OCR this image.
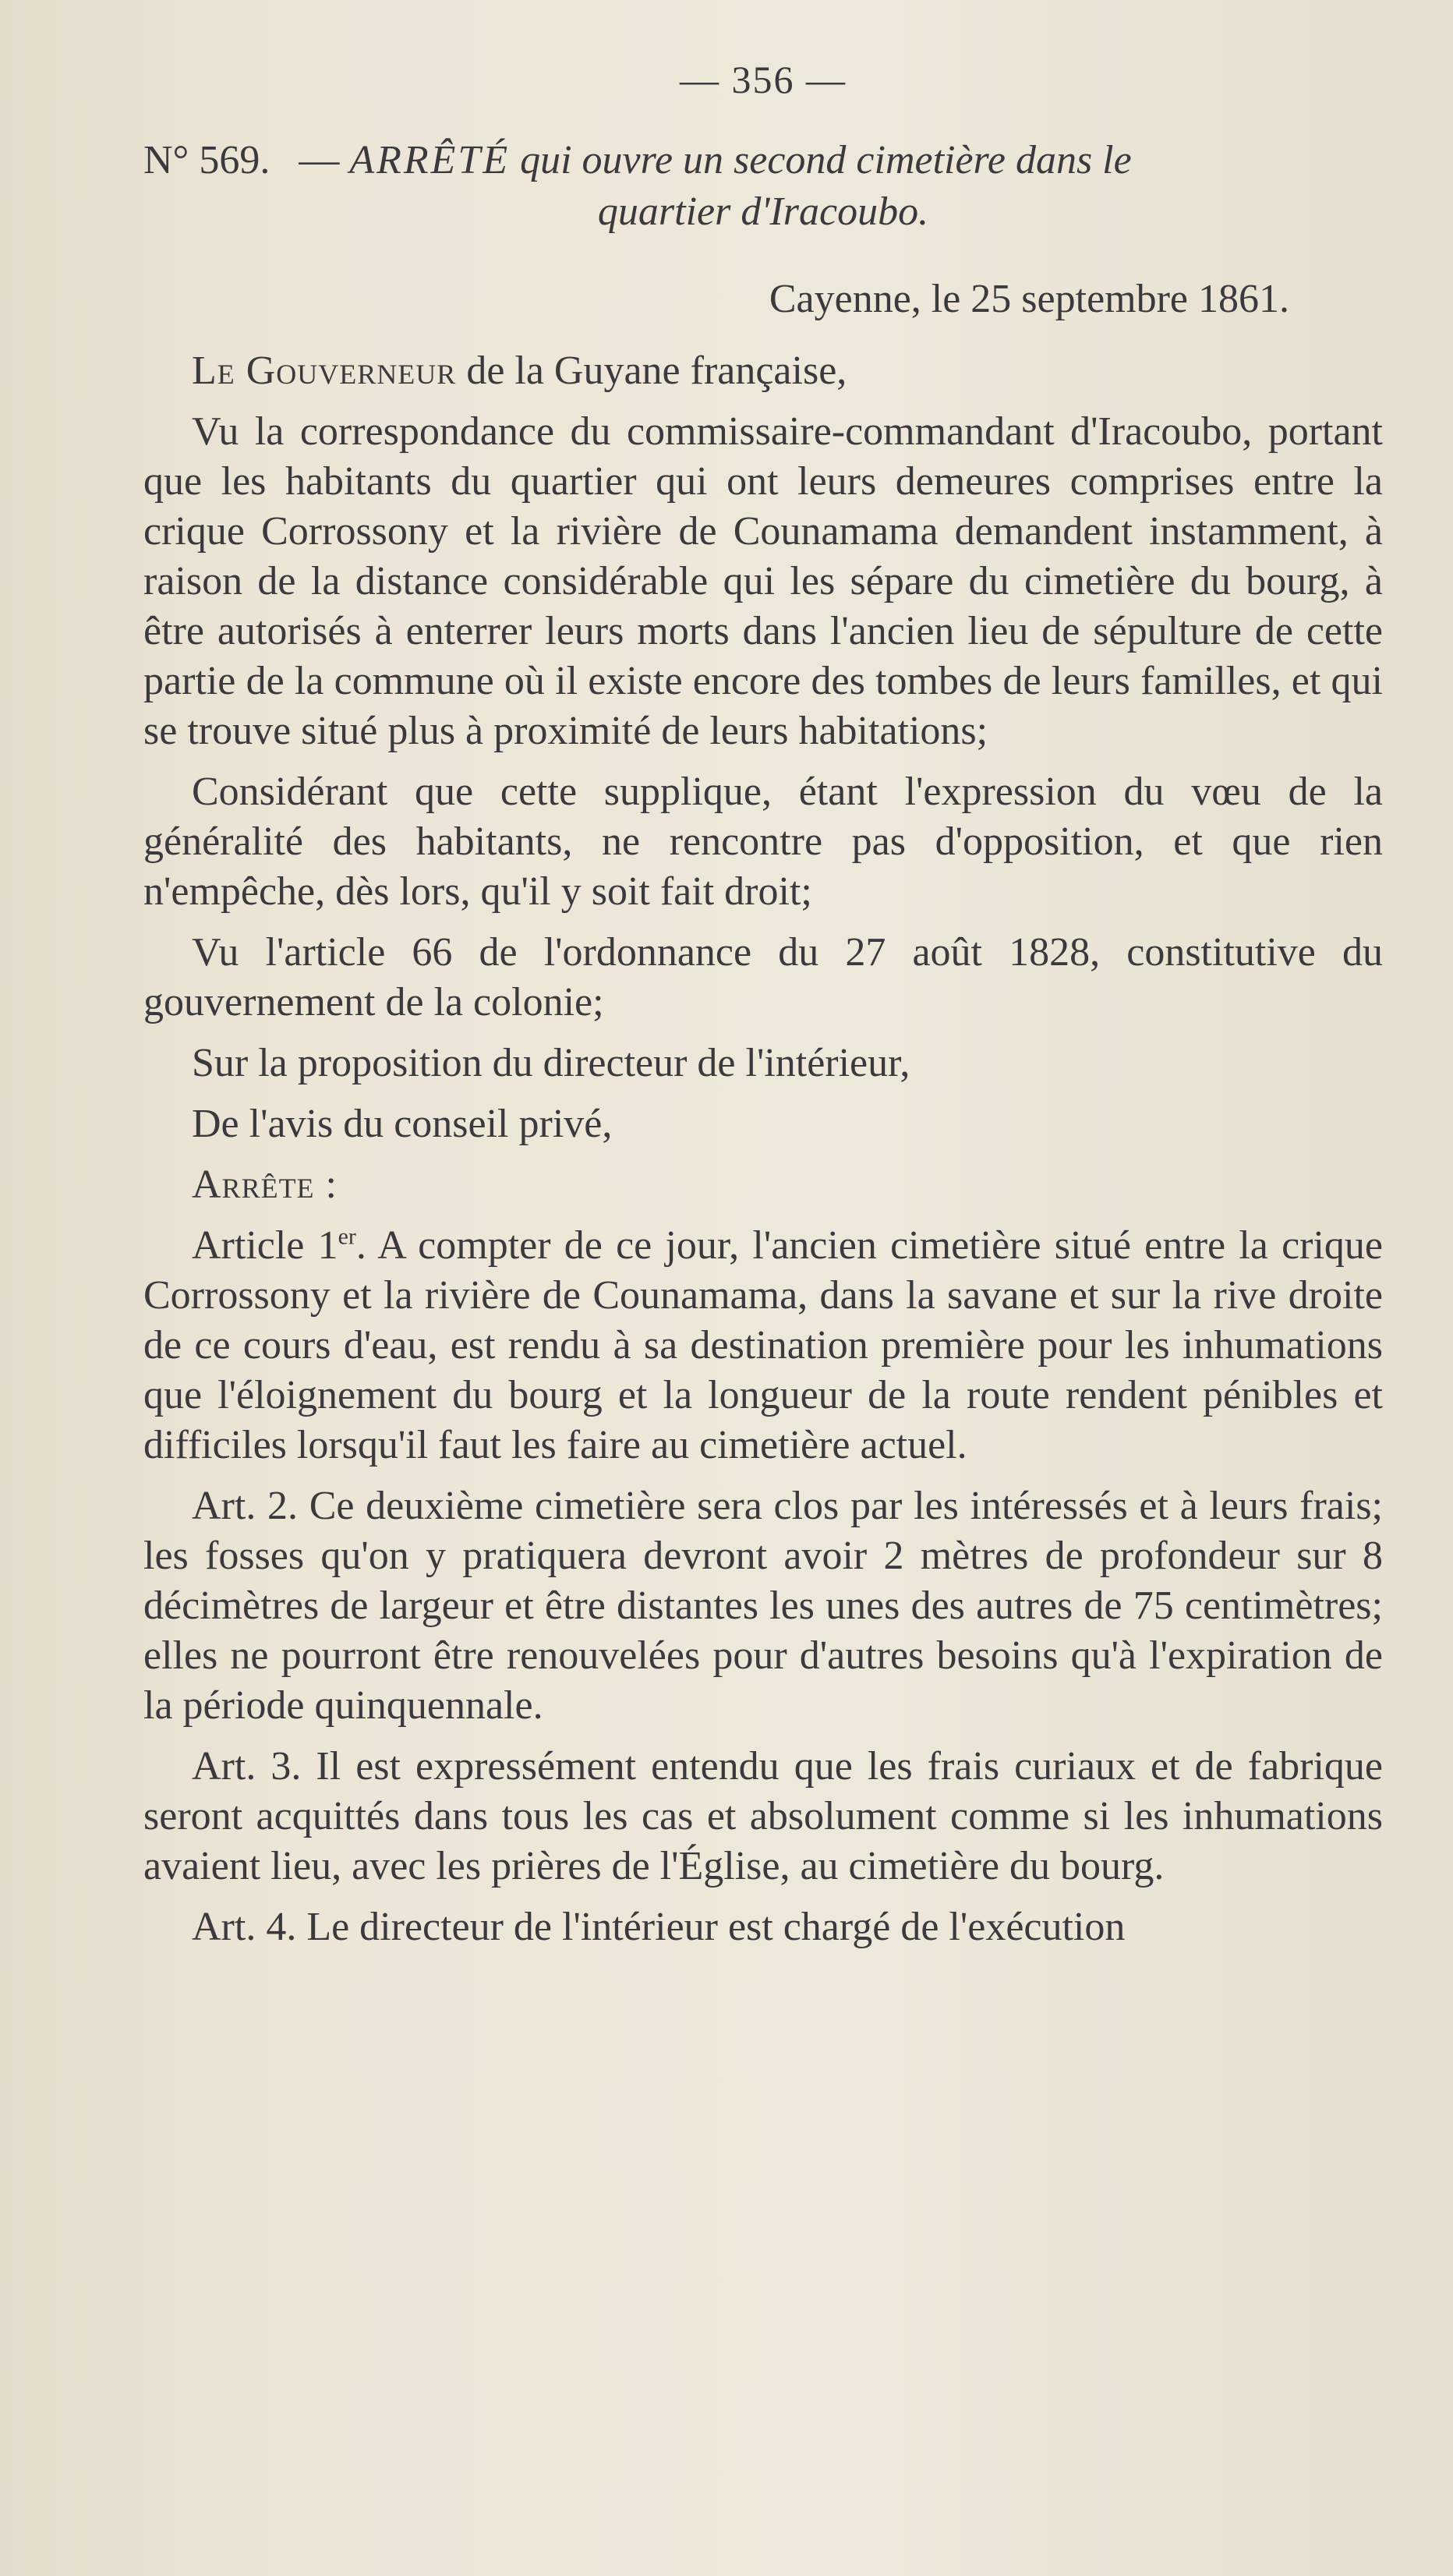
— 356 —
N° 569. — ARRÊTÉ qui ouvre un second cimetière dans le
quartier d'Iracoubo.
Cayenne, le 25 septembre 1861.

Le Gouverneur de la Guyane française,

Vu la correspondance du commissaire-commandant d'Iracoubo, portant que les habitants du quartier qui ont leurs demeures comprises entre la crique Corrossony et la rivière de Counamama demandent instamment, à raison de la distance considérable qui les sépare du cimetière du bourg, à être autorisés à enterrer leurs morts dans l'ancien lieu de sépulture de cette partie de la commune où il existe encore des tombes de leurs familles, et qui se trouve situé plus à proximité de leurs habitations;

Considérant que cette supplique, étant l'expression du vœu de la généralité des habitants, ne rencontre pas d'opposition, et que rien n'empêche, dès lors, qu'il y soit fait droit;

Vu l'article 66 de l'ordonnance du 27 août 1828, constitutive du gouvernement de la colonie;

Sur la proposition du directeur de l'intérieur,

De l'avis du conseil privé,

Arrête :

Article 1er. A compter de ce jour, l'ancien cimetière situé entre la crique Corrossony et la rivière de Counamama, dans la savane et sur la rive droite de ce cours d'eau, est rendu à sa destination première pour les inhumations que l'éloignement du bourg et la longueur de la route rendent pénibles et difficiles lorsqu'il faut les faire au cimetière actuel.

Art. 2. Ce deuxième cimetière sera clos par les intéressés et à leurs frais; les fosses qu'on y pratiquera devront avoir 2 mètres de profondeur sur 8 décimètres de largeur et être distantes les unes des autres de 75 centimètres; elles ne pourront être renouvelées pour d'autres besoins qu'à l'expiration de la période quinquennale.

Art. 3. Il est expressément entendu que les frais curiaux et de fabrique seront acquittés dans tous les cas et absolument comme si les inhumations avaient lieu, avec les prières de l'Église, au cimetière du bourg.

Art. 4. Le directeur de l'intérieur est chargé de l'exécution
